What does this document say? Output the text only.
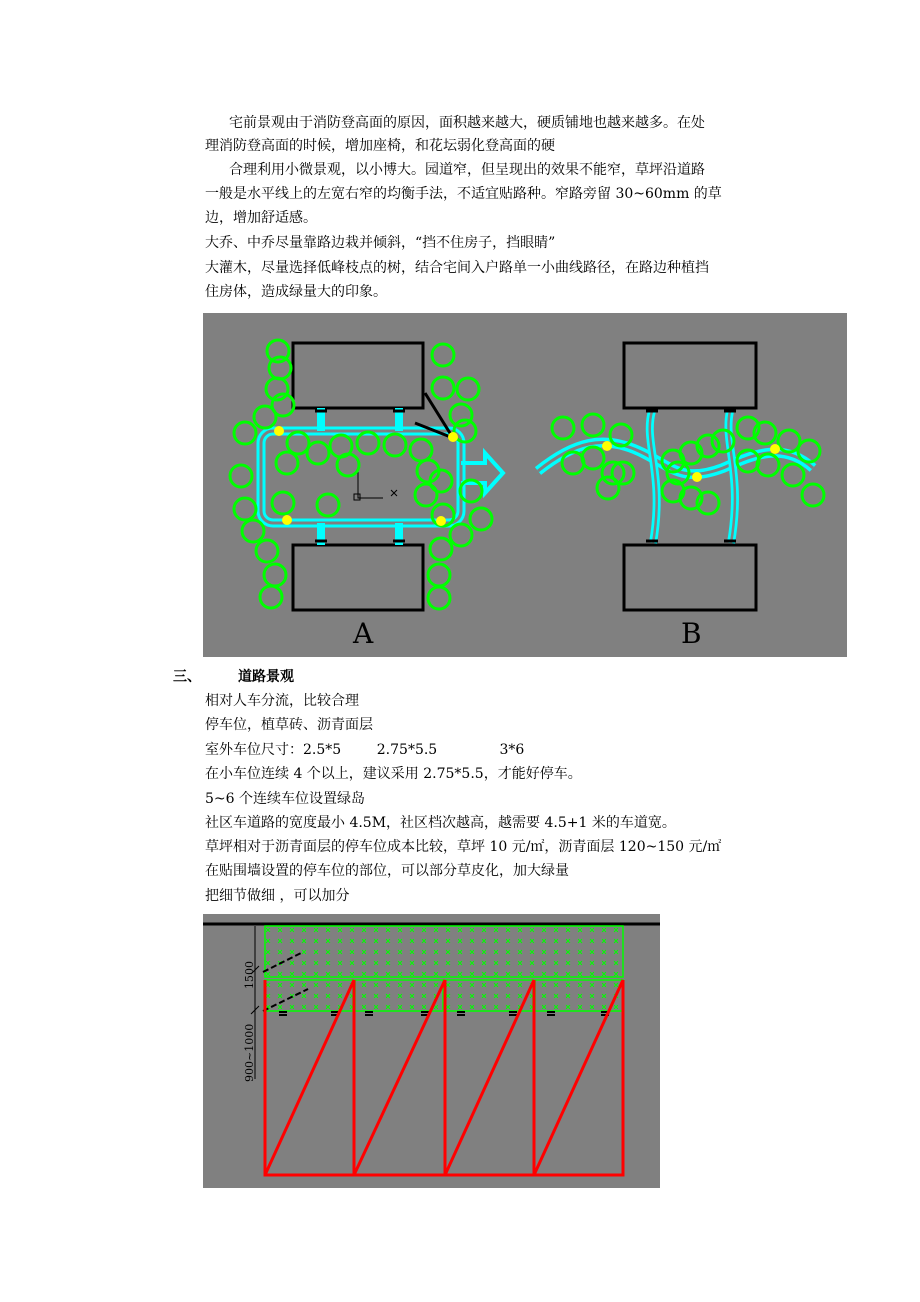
宅前景观由于消防登高面的原因，面积越来越大，硬质铺地也越来越多。在处
理消防登高面的时候，增加座椅，和花坛弱化登高面的硬
合理利用小微景观，以小博大。园道窄，但呈现出的效果不能窄，草坪沿道路
一般是水平线上的左宽右窄的均衡手法，不适宜贴路种。窄路旁留 30~60mm 的草
边，增加舒适感。
大乔、中乔尽量靠路边栽并倾斜，“挡不住房子，挡眼睛”
大灌木，尽量选择低峰枝点的树，结合宅间入户路单一小曲线路径，在路边种植挡
住房体，造成绿量大的印象。
A	B
三、	道路景观
相对人车分流，比较合理
停车位，植草砖、沥青面层
室外车位尺寸：2.5*5        2.75*5.5              3*6
在小车位连续 4 个以上，建议采用 2.75*5.5，才能好停车。
5~6 个连续车位设置绿岛
社区车道路的宽度最小 4.5M，社区档次越高，越需要 4.5+1 米的车道宽。
草坪相对于沥青面层的停车位成本比较，草坪 10 元/㎡，沥青面层 120~150 元/㎡
在贴围墙设置的停车位的部位，可以部分草皮化，加大绿量
把细节做细 ，可以加分
1500
900~1000
